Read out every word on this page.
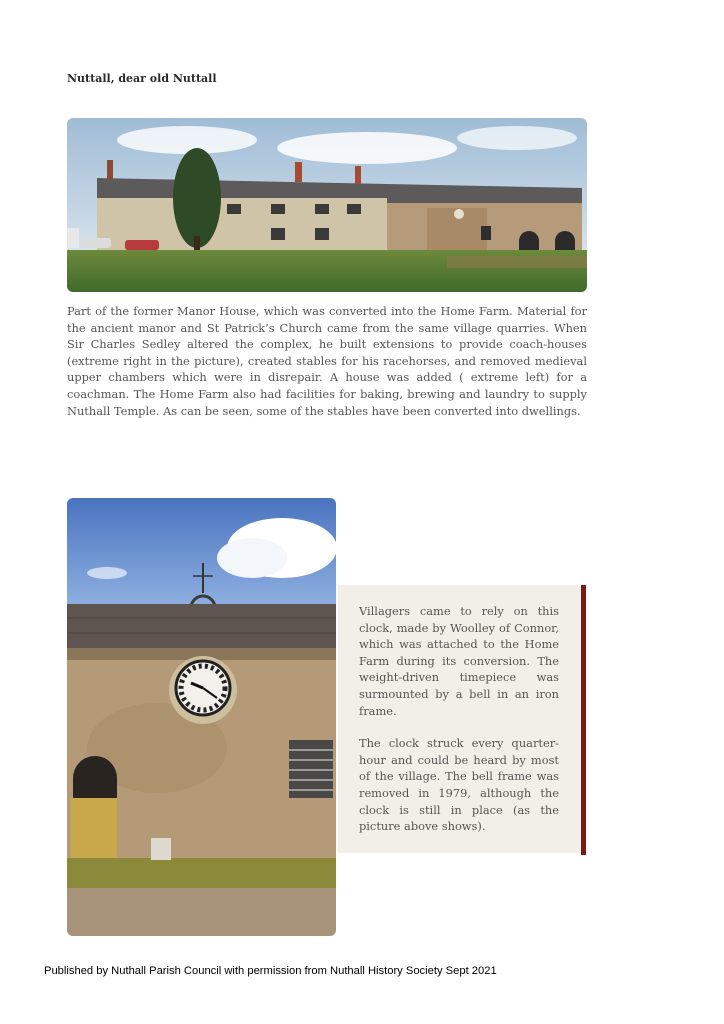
Nuttall, dear old Nuttall
Part of the former Manor House, which was converted into the Home Farm. Material for the ancient manor and St Patrick’s Church came from the same village quarries. When Sir Charles Sedley altered the complex, he built extensions to provide coach-houses (extreme right in the picture), created stables for his racehorses, and removed medieval upper chambers which were in disrepair. A house was added ( extreme left) for a coachman. The Home Farm also had facilities for baking, brewing and laundry to supply Nuthall Temple. As can be seen, some of the stables have been converted into dwellings.

Villagers came to rely on this clock, made by Woolley of Connor, which was attached to the Home Farm during its conversion. The weight-driven timepiece was surmounted by a bell in an iron frame.

The clock struck every quarter-hour and could be heard by most of the village. The bell frame was removed in 1979, although the clock is still in place (as the picture above shows).

Published by Nuthall Parish Council with permission from Nuthall History Society Sept 2021
